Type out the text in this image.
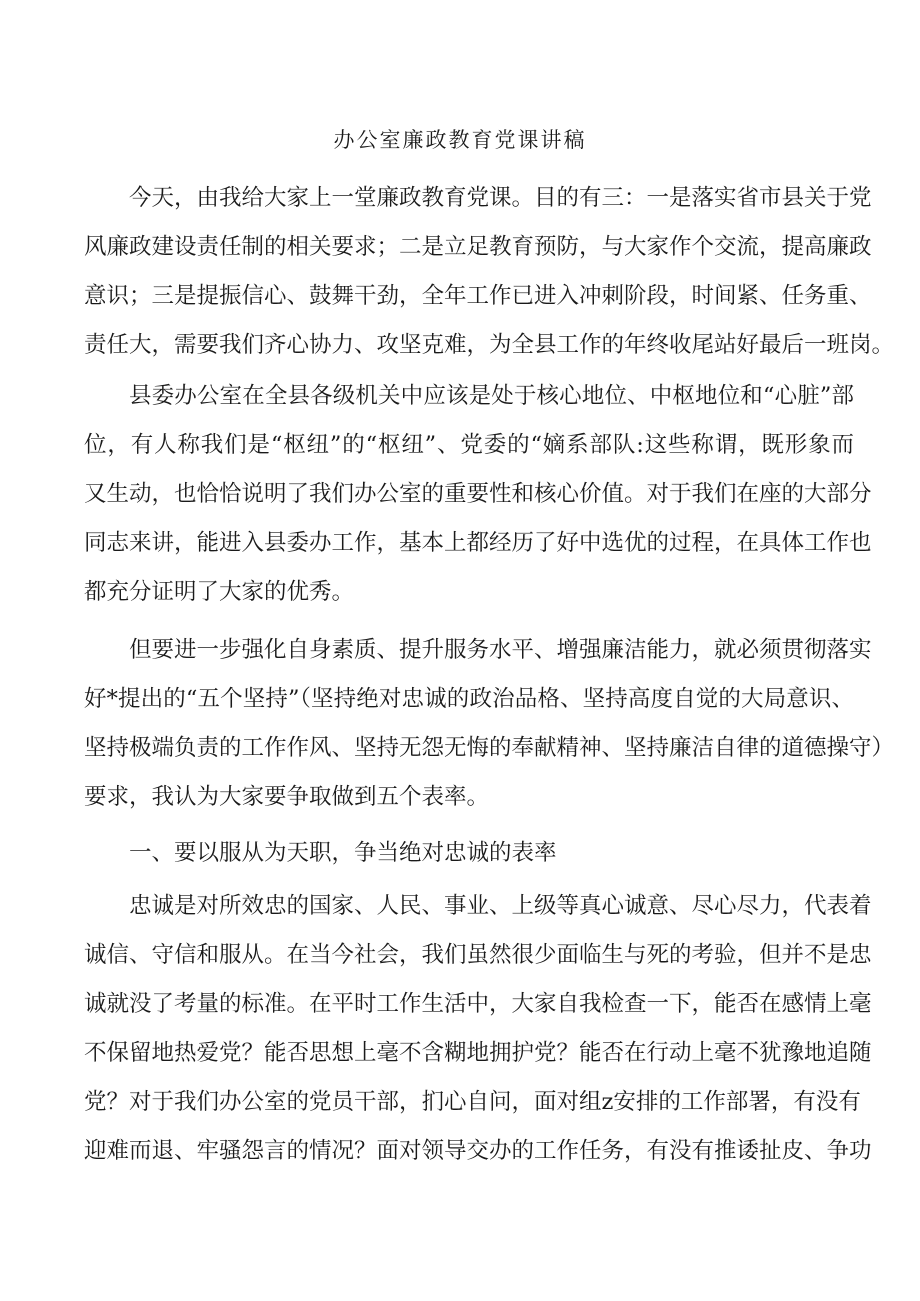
办公室廉政教育党课讲稿
今天，由我给大家上一堂廉政教育党课。目的有三：一是落实省市县关于党
风廉政建设责任制的相关要求；二是立足教育预防，与大家作个交流，提高廉政
意识；三是提振信心、鼓舞干劲，全年工作已进入冲刺阶段，时间紧、任务重、
责任大，需要我们齐心协力、攻坚克难，为全县工作的年终收尾站好最后一班岗。
县委办公室在全县各级机关中应该是处于核心地位、中枢地位和“心脏”部
位，有人称我们是“枢纽”的“枢纽”、党委的“嫡系部队:这些称谓，既形象而
又生动，也恰恰说明了我们办公室的重要性和核心价值。对于我们在座的大部分
同志来讲，能进入县委办工作，基本上都经历了好中选优的过程，在具体工作也
都充分证明了大家的优秀。
但要进一步强化自身素质、提升服务水平、增强廉洁能力，就必须贯彻落实
好*提出的“五个坚持”（坚持绝对忠诚的政治品格、坚持高度自觉的大局意识、
坚持极端负责的工作作风、坚持无怨无悔的奉献精神、坚持廉洁自律的道德操守）
要求，我认为大家要争取做到五个表率。
一、要以服从为天职，争当绝对忠诚的表率
忠诚是对所效忠的国家、人民、事业、上级等真心诚意、尽心尽力，代表着
诚信、守信和服从。在当今社会，我们虽然很少面临生与死的考验，但并不是忠
诚就没了考量的标准。在平时工作生活中，大家自我检查一下，能否在感情上毫
不保留地热爱党？能否思想上毫不含糊地拥护党？能否在行动上毫不犹豫地追随
党？对于我们办公室的党员干部，扪心自问，面对组z安排的工作部署，有没有
迎难而退、牢骚怨言的情况？面对领导交办的工作任务，有没有推诿扯皮、争功
